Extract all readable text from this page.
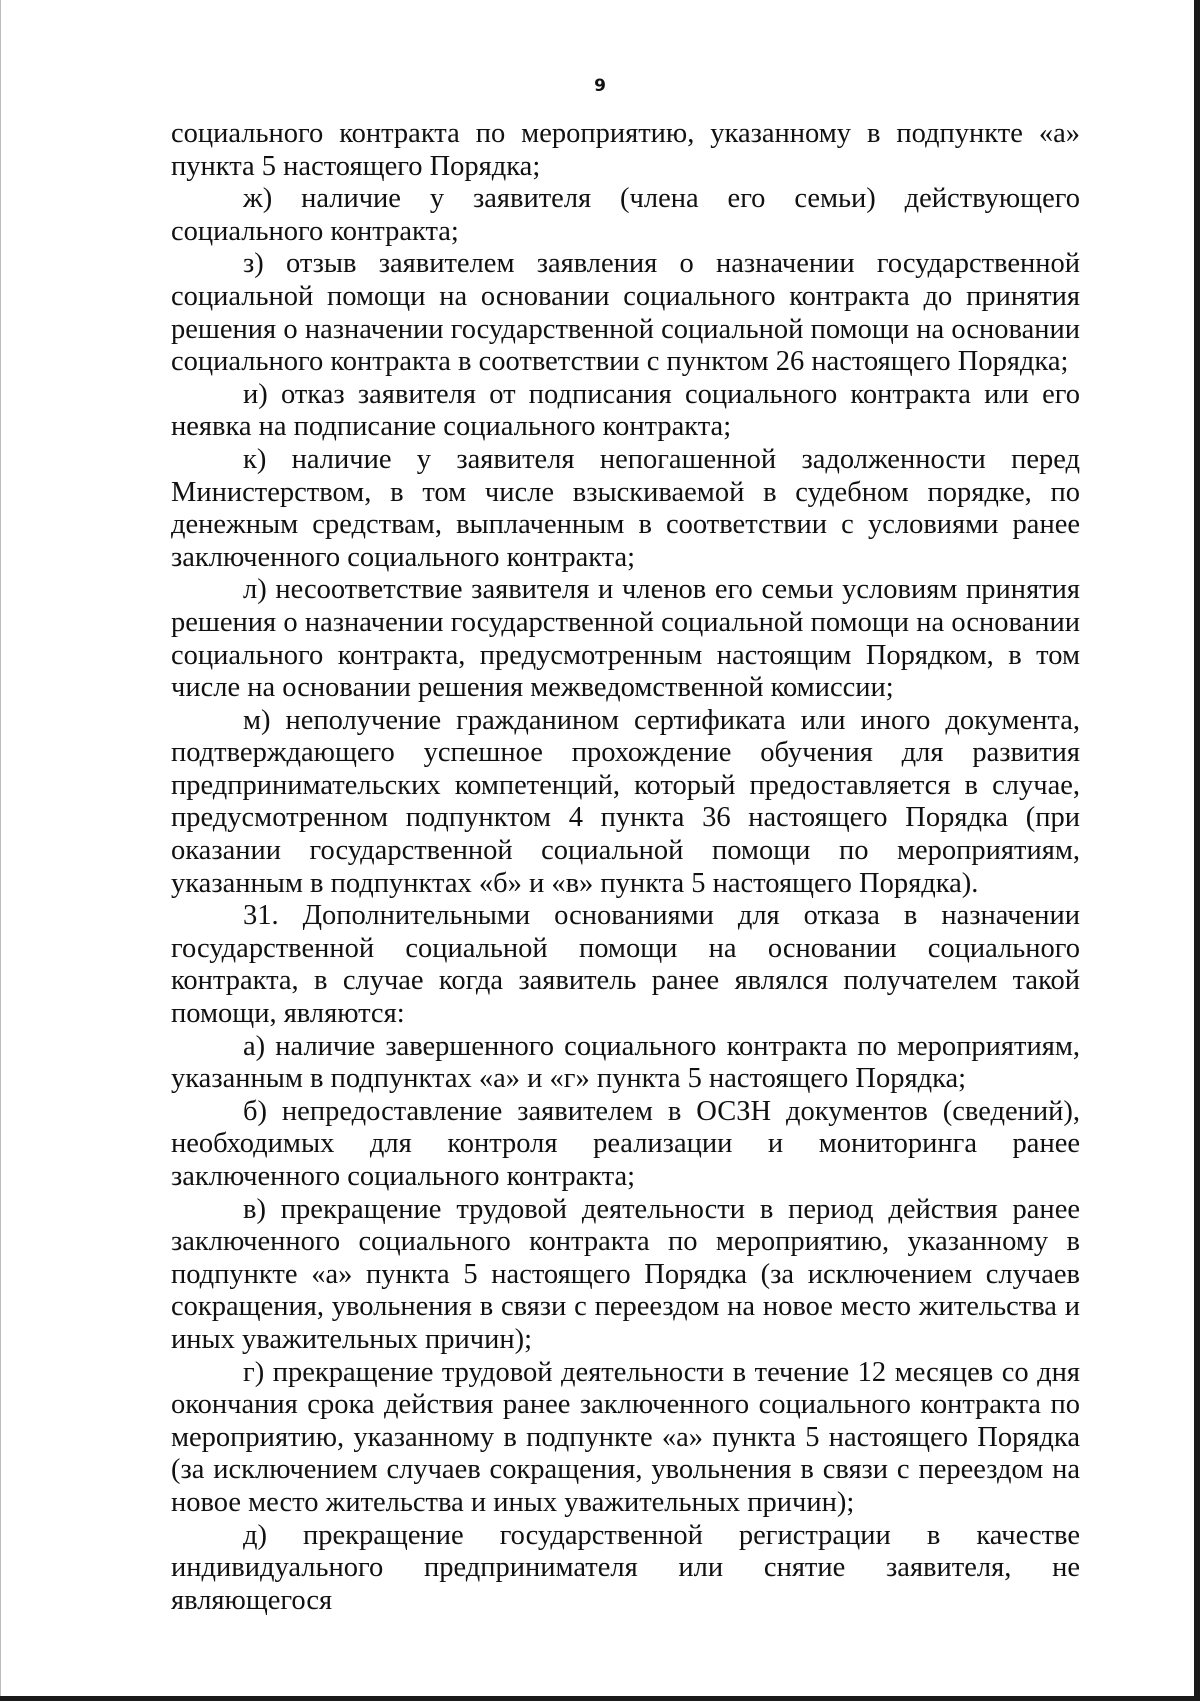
9

социального контракта по мероприятию, указанному в подпункте «а» пункта 5 настоящего Порядка;

ж) наличие у заявителя (члена его семьи) действующего социального контракта;

з) отзыв заявителем заявления о назначении государственной социальной помощи на основании социального контракта до принятия решения о назначении государственной социальной помощи на основании социального контракта в соответствии с пунктом 26 настоящего Порядка;

и) отказ заявителя от подписания социального контракта или его неявка на подписание социального контракта;

к) наличие у заявителя непогашенной задолженности перед Министерством, в том числе взыскиваемой в судебном порядке, по денежным средствам, выплаченным в соответствии с условиями ранее заключенного социального контракта;

л) несоответствие заявителя и членов его семьи условиям принятия решения о назначении государственной социальной помощи на основании социального контракта, предусмотренным настоящим Порядком, в том числе на основании решения межведомственной комиссии;

м) неполучение гражданином сертификата или иного документа, подтверждающего успешное прохождение обучения для развития предпринимательских компетенций, который предоставляется в случае, предусмотренном подпунктом 4 пункта 36 настоящего Порядка (при оказании государственной социальной помощи по мероприятиям, указанным в подпунктах «б» и «в» пункта 5 настоящего Порядка).

31. Дополнительными основаниями для отказа в назначении государственной социальной помощи на основании социального контракта, в случае когда заявитель ранее являлся получателем такой помощи, являются:

а) наличие завершенного социального контракта по мероприятиям, указанным в подпунктах «а» и «г» пункта 5 настоящего Порядка;

б) непредоставление заявителем в ОСЗН документов (сведений), необходимых для контроля реализации и мониторинга ранее заключенного социального контракта;

в) прекращение трудовой деятельности в период действия ранее заключенного социального контракта по мероприятию, указанному в подпункте «а» пункта 5 настоящего Порядка (за исключением случаев сокращения, увольнения в связи с переездом на новое место жительства и иных уважительных причин);

г) прекращение трудовой деятельности в течение 12 месяцев со дня окончания срока действия ранее заключенного социального контракта по мероприятию, указанному в подпункте «а» пункта 5 настоящего Порядка (за исключением случаев сокращения, увольнения в связи с переездом на новое место жительства и иных уважительных причин);

д) прекращение государственной регистрации в качестве индивидуального предпринимателя или снятие заявителя, не являющегося
